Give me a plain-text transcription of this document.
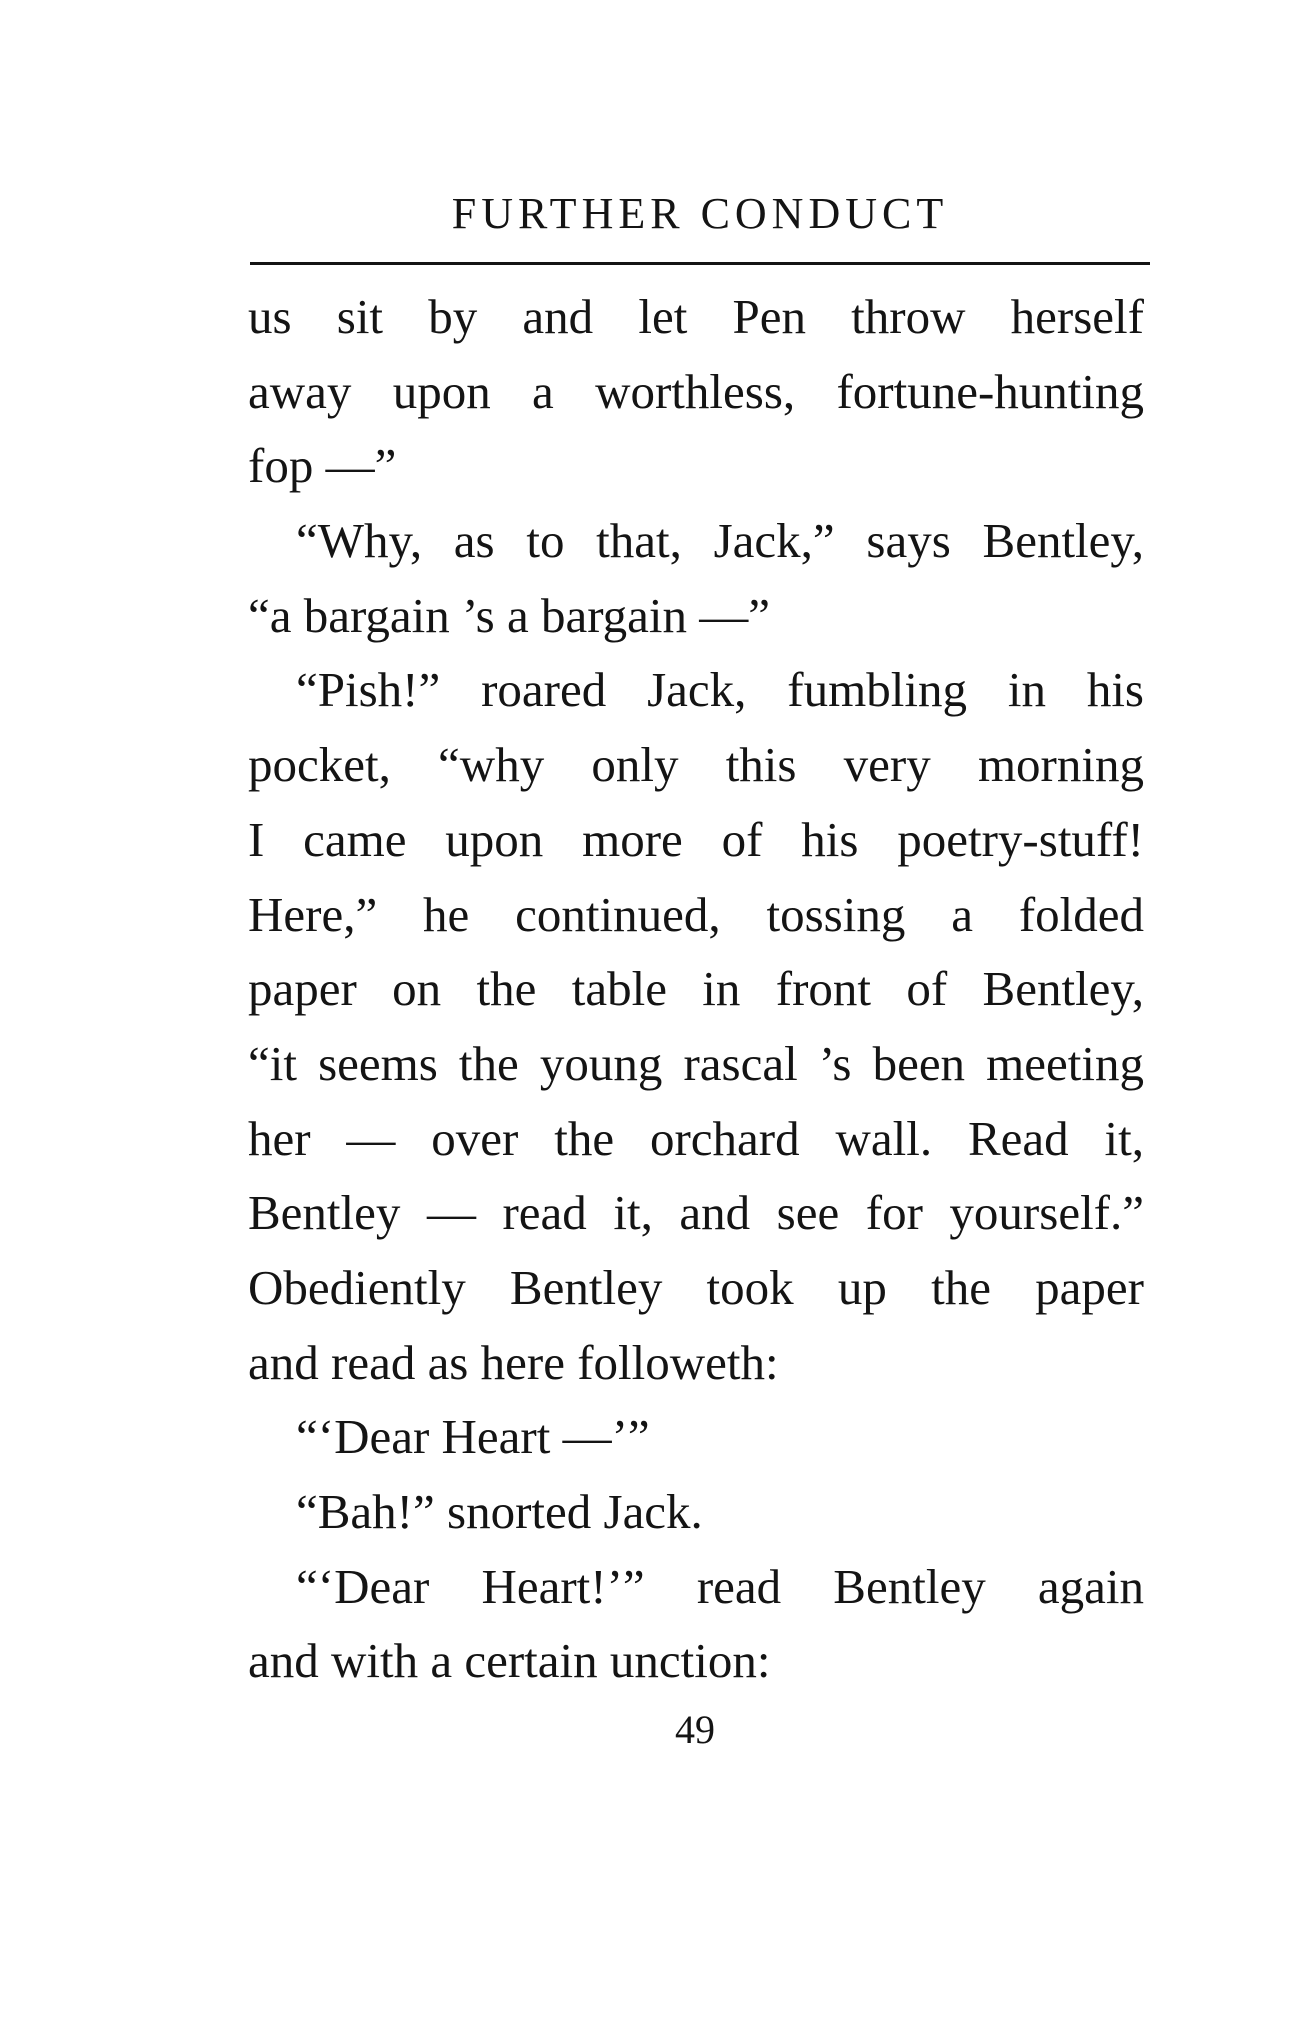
FURTHER CONDUCT
us sit by and let Pen throw herself
away upon a worthless, fortune-hunting
fop —”
“Why, as to that, Jack,” says Bentley,
“a bargain ’s a bargain —”
“Pish!” roared Jack, fumbling in his
pocket, “why only this very morning
I came upon more of his poetry-stuff!
Here,” he continued, tossing a folded
paper on the table in front of Bentley,
“it seems the young rascal ’s been meeting
her — over the orchard wall. Read it,
Bentley — read it, and see for yourself.”
Obediently Bentley took up the paper
and read as here followeth:
“‘Dear Heart —’”
“Bah!” snorted Jack.
“‘Dear Heart!’” read Bentley again
and with a certain unction:
49
